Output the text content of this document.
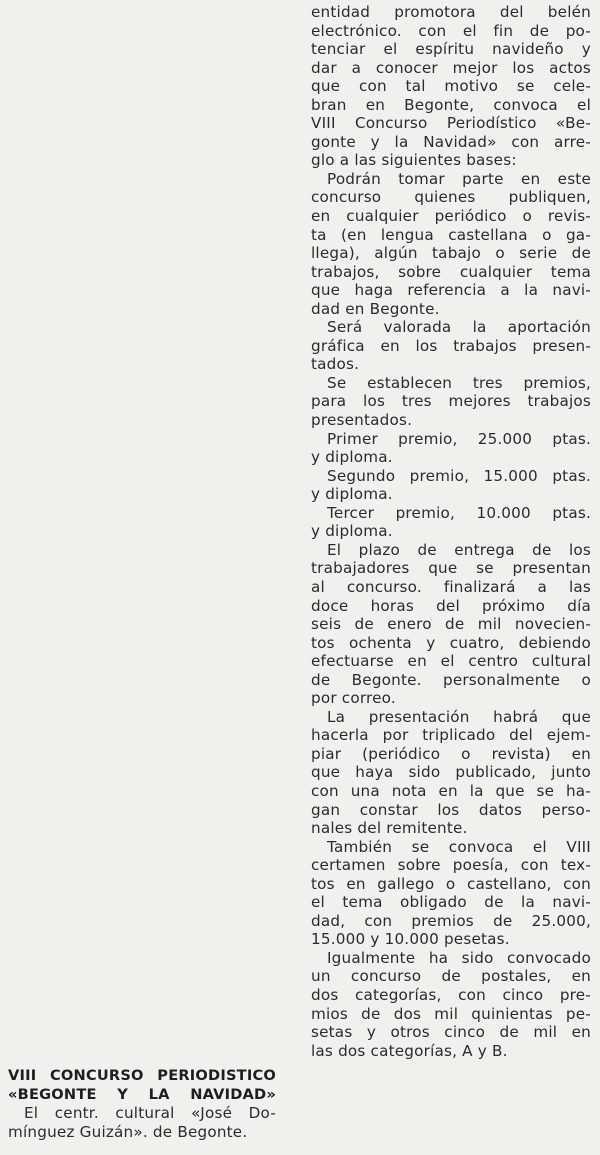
VIII CONCURSO PERIODISTICO
«BEGONTE Y LA NAVIDAD»
El centr. cultural «José Do-
mínguez Guizán». de Begonte.
entidad promotora del belén
electrónico. con el fin de po-
tenciar el espíritu navideño y
dar a conocer mejor los actos
que con tal motivo se cele-
bran en Begonte, convoca el
VIII Concurso Periodístico «Be-
gonte y la Navidad» con arre-
glo a las siguientes bases:
Podrán tomar parte en este
concurso quienes publiquen,
en cualquier periódico o revis-
ta (en lengua castellana o ga-
llega), algún tabajo o serie de
trabajos, sobre cualquier tema
que haga referencia a la navi-
dad en Begonte.
Será valorada la aportación
gráfica en los trabajos presen-
tados.
Se establecen tres premios,
para los tres mejores trabajos
presentados.
Primer premio, 25.000 ptas.
y diploma.
Segundo premio, 15.000 ptas.
y diploma.
Tercer premio, 10.000 ptas.
y diploma.
El plazo de entrega de los
trabajadores que se presentan
al concurso. finalizará a las
doce horas del próximo día
seis de enero de mil novecien-
tos ochenta y cuatro, debiendo
efectuarse en el centro cultural
de Begonte. personalmente o
por correo.
La presentación habrá que
hacerla por triplicado del ejem-
piar (periódico o revista) en
que haya sido publicado, junto
con una nota en la que se ha-
gan constar los datos perso-
nales del remitente.
También se convoca el VIII
certamen sobre poesía, con tex-
tos en gallego o castellano, con
el tema obligado de la navi-
dad, con premios de 25.000,
15.000 y 10.000 pesetas.
Igualmente ha sido convocado
un concurso de postales, en
dos categorías, con cinco pre-
mios de dos mil quinientas pe-
setas y otros cinco de mil en
las dos categorías, A y B.
